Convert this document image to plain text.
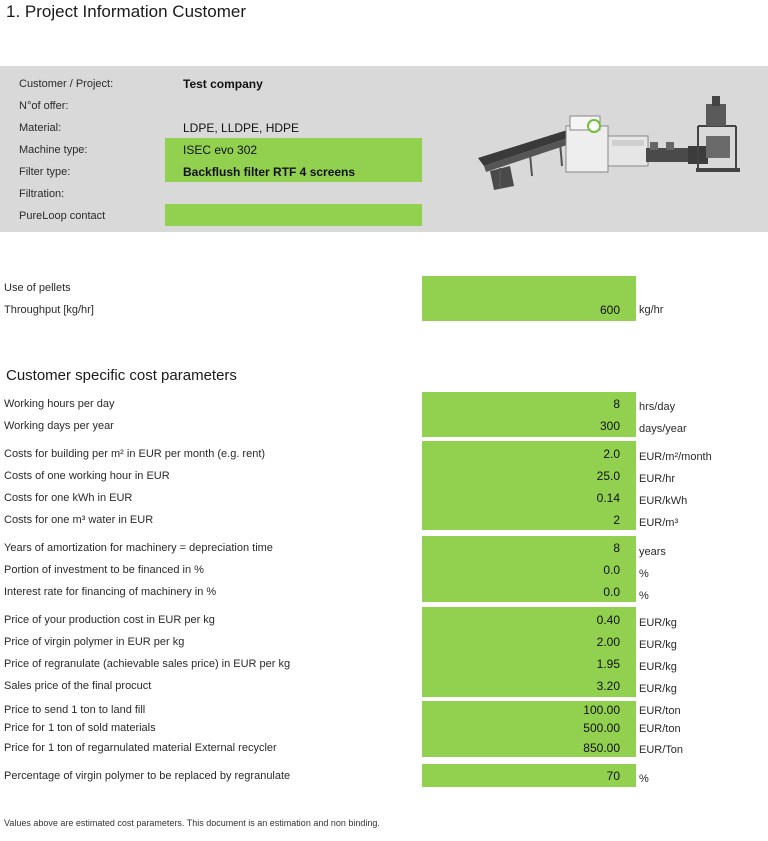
1. Project Information Customer
Customer / Project:	Test company
N°of offer:
Material:	LDPE, LLDPE, HDPE
Machine type:	ISEC evo 302
Filter type:	Backflush filter RTF 4 screens
Filtration:
PureLoop contact
Use of pellets
Throughput [kg/hr]	600 kg/hr
Customer specific cost parameters
Working hours per day	8 hrs/day
Working days per year	300 days/year
Costs for building per m² in EUR per month (e.g. rent)	2.0 EUR/m²/month
Costs of one working hour in EUR	25.0 EUR/hr
Costs for one kWh in EUR	0.14 EUR/kWh
Costs for one m³ water in EUR	2 EUR/m³
Years of amortization for machinery = depreciation time	8 years
Portion of investment to be financed in %	0.0 %
Interest rate for financing of machinery in %	0.0 %
Price of your production cost in EUR per kg	0.40 EUR/kg
Price of virgin polymer in EUR per kg	2.00 EUR/kg
Price of regranulate (achievable sales price) in EUR per kg	1.95 EUR/kg
Sales price of the final procuct	3.20 EUR/kg
Price to send 1 ton to land fill	100.00 EUR/ton
Price for 1 ton of sold materials	500.00 EUR/ton
Price for 1 ton of regarnulated material External recycler	850.00 EUR/Ton
Percentage of virgin polymer to be replaced by regranulate	70 %
Values above are estimated cost parameters. This document is an estimation and non binding.
